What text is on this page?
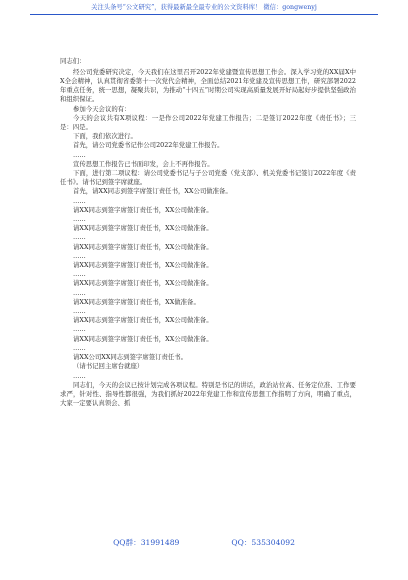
关注头条号“公文研究”，获得最新最全最专业的公文资料库！ 微信：gongwenyj

同志们：

经公司党委研究决定，今天我们在这里召开2022年党建暨宣传思想工作会。深入学习党的XX届X中X全会精神，认真贯彻省委第十一次党代会精神，全面总结2021年党建及宣传思想工作，研究部署2022年重点任务，统一思想，凝聚共识，为推动“十四五”时期公司实现高质量发展开好局起好步提供坚强政治和组织保证。

参加今天会议的有：

今天的会议共有X项议程：一是作公司2022年党建工作报告；二是签订2022年度《责任书》；三是：四是。

下面，我们依次进行。

首先，请公司党委书记作公司2022年党建工作报告。

……

宣传思想工作报告已书面印发，会上不再作报告。

下面，进行第二项议程：请公司党委书记与子公司党委（党支部）、机关党委书记签订2022年度《责任书》。请书记到签字席就座。

首先，请XX同志到签字席签订责任书，XX公司做准备。

……

请XX同志到签字席签订责任书，XX公司做准备。

……

请XX同志到签字席签订责任书，XX公司做准备。

……

请XX同志到签字席签订责任书，XX公司做准备。

……

请XX同志到签字席签订责任书，XX公司做准备。

……

请XX同志到签字席签订责任书，XX公司做准备。

……

请XX同志到签字席签订责任书，XX做准备。

……

请XX同志到签字席签订责任书，XX公司做准备。

……

请XX同志到签字席签订责任书，XX公司做准备。

……

请XX公司XX同志到签字席签订责任书。

（请书记回主席台就座）

……

同志们，今天的会议已按计划完成各项议程。特别是书记的讲话，政治站位高、任务定位准、工作要求严，针对性、指导性都很强，为我们抓好2022年党建工作和宣传思想工作指明了方向，明确了重点，大家一定要认真领会、抓

QQ群：31991489	QQ：535304092
